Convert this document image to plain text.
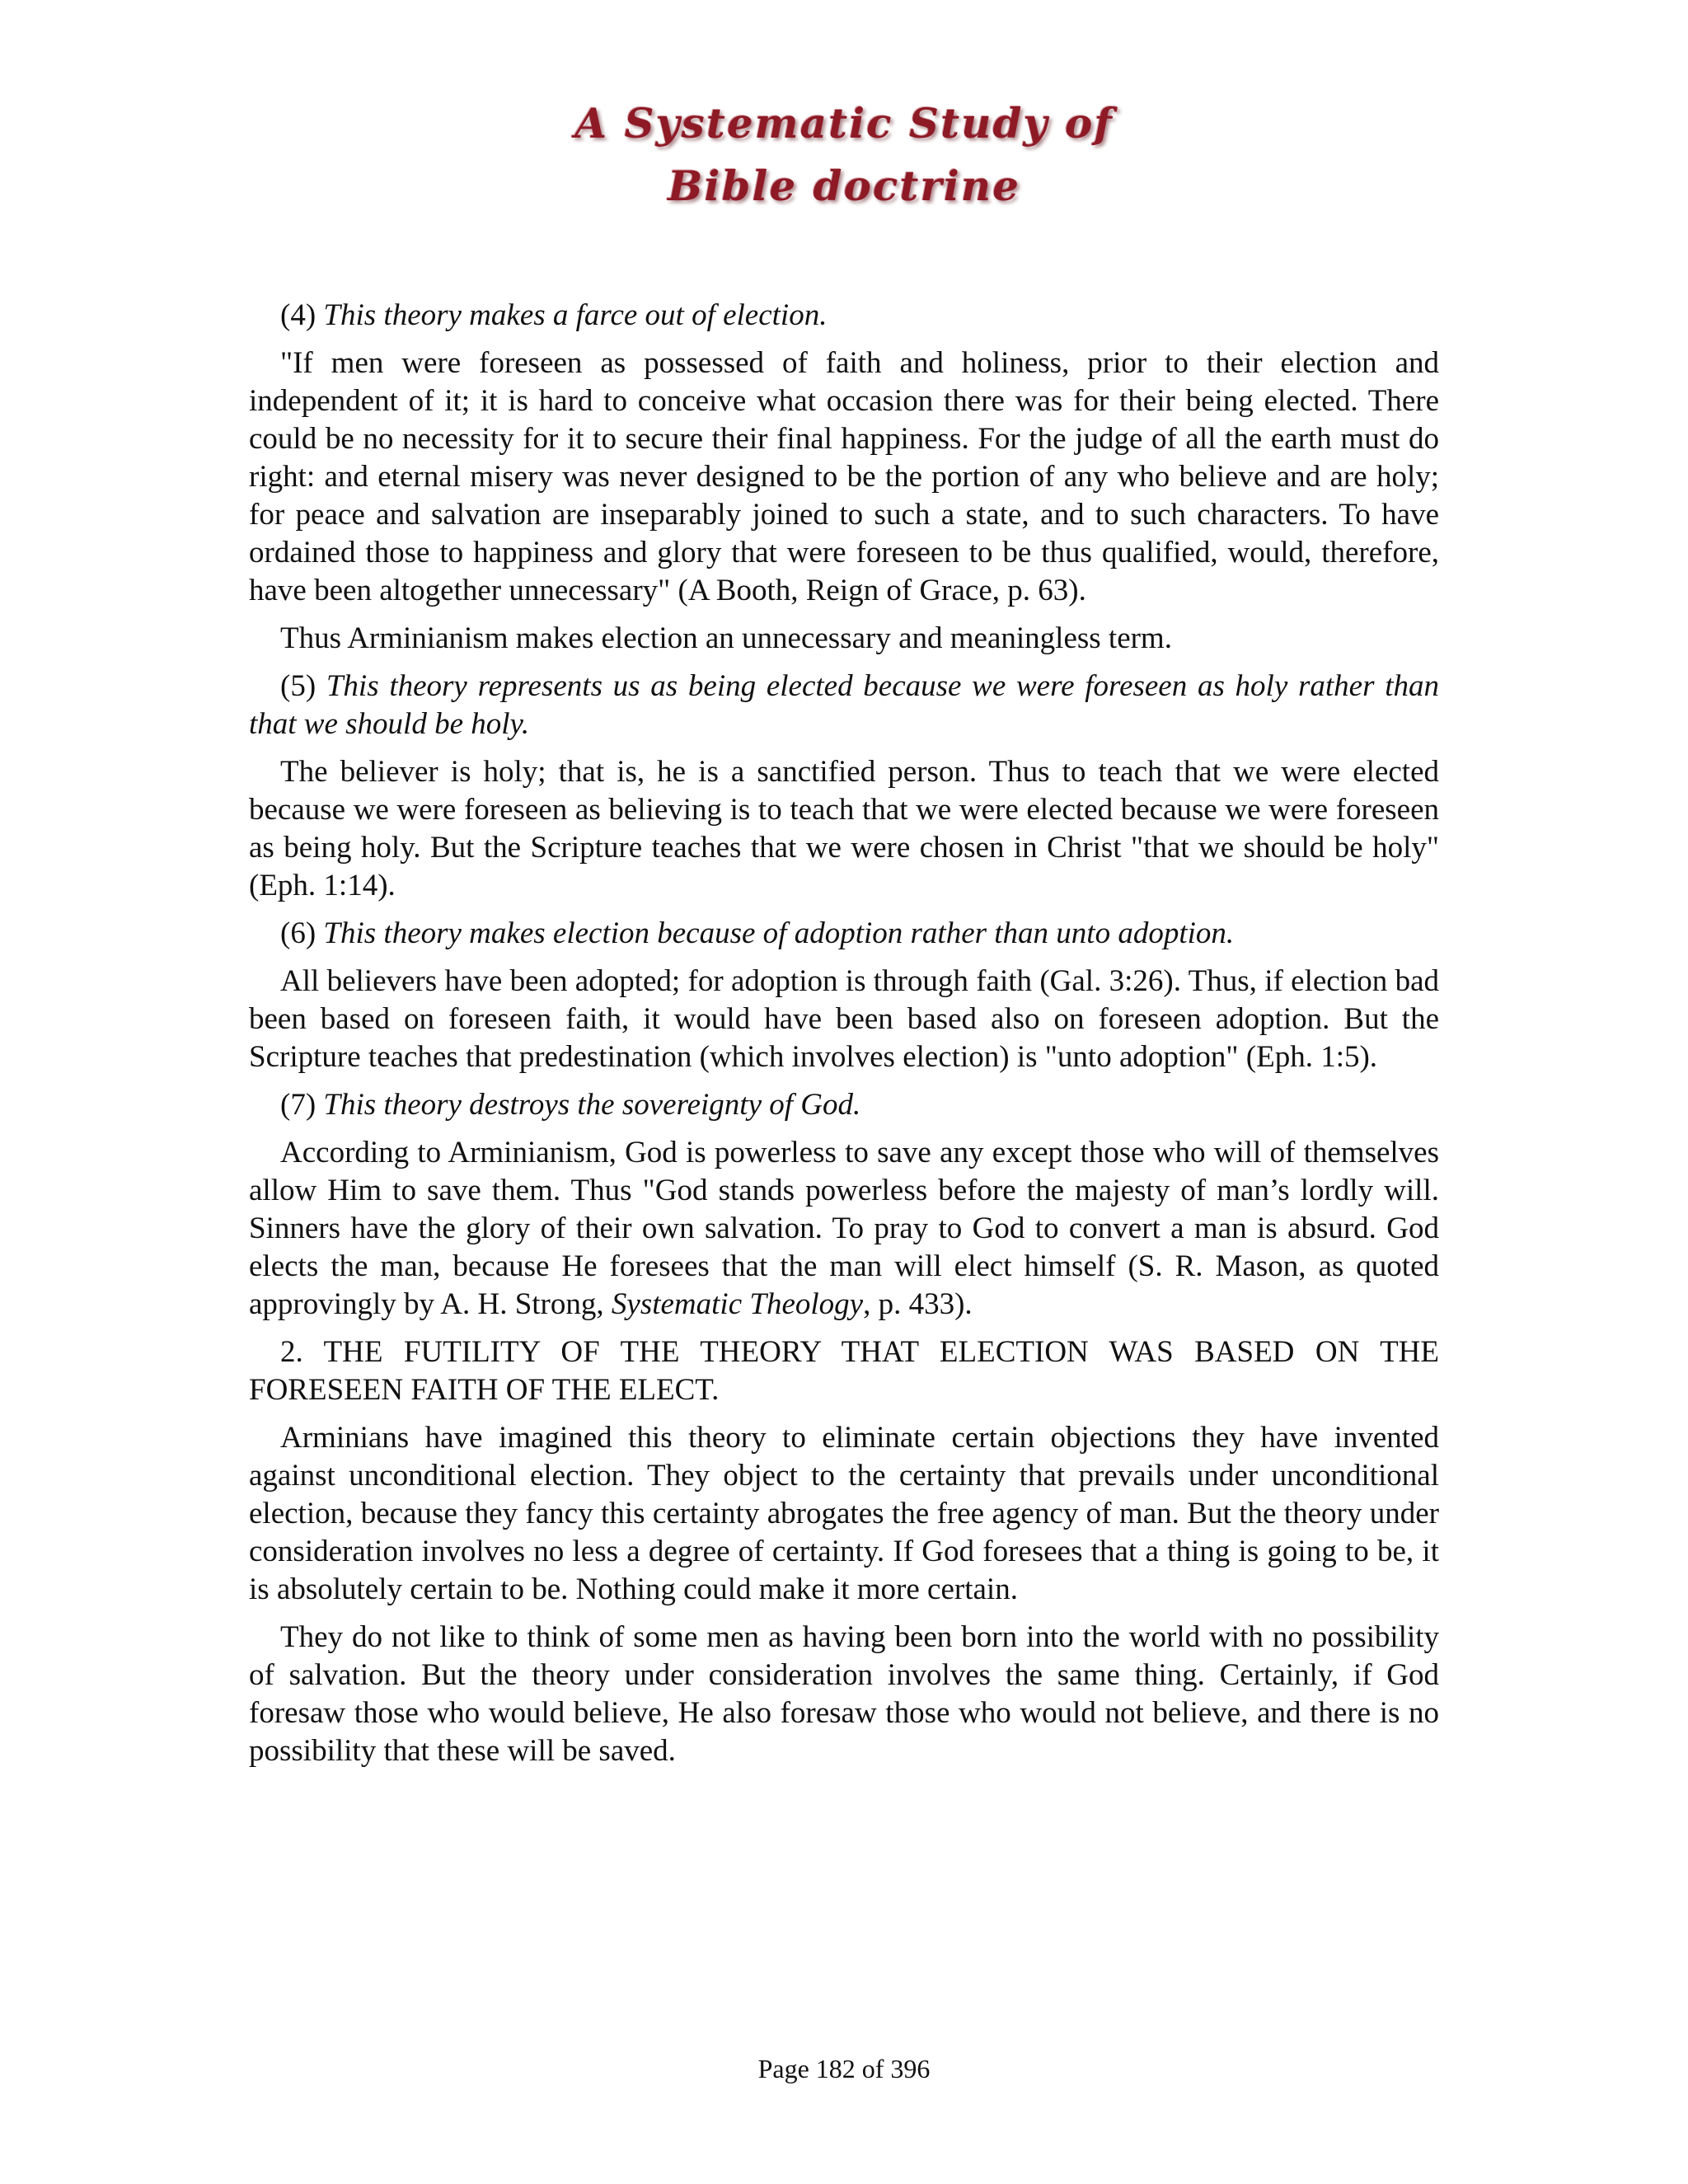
A Systematic Study of
Bible doctrine

(4) This theory makes a farce out of election.

"If men were foreseen as possessed of faith and holiness, prior to their election and independent of it; it is hard to conceive what occasion there was for their being elected. There could be no necessity for it to secure their final happiness. For the judge of all the earth must do right: and eternal misery was never designed to be the portion of any who believe and are holy; for peace and salvation are inseparably joined to such a state, and to such characters. To have ordained those to happiness and glory that were foreseen to be thus qualified, would, therefore, have been altogether unnecessary" (A Booth, Reign of Grace, p. 63).

Thus Arminianism makes election an unnecessary and meaningless term.

(5) This theory represents us as being elected because we were foreseen as holy rather than that we should be holy.

The believer is holy; that is, he is a sanctified person. Thus to teach that we were elected because we were foreseen as believing is to teach that we were elected because we were foreseen as being holy. But the Scripture teaches that we were chosen in Christ "that we should be holy" (Eph. 1:14).

(6) This theory makes election because of adoption rather than unto adoption.

All believers have been adopted; for adoption is through faith (Gal. 3:26). Thus, if election bad been based on foreseen faith, it would have been based also on foreseen adoption. But the Scripture teaches that predestination (which involves election) is "unto adoption" (Eph. 1:5).

(7) This theory destroys the sovereignty of God.

According to Arminianism, God is powerless to save any except those who will of themselves allow Him to save them. Thus "God stands powerless before the majesty of man’s lordly will. Sinners have the glory of their own salvation. To pray to God to convert a man is absurd. God elects the man, because He foresees that the man will elect himself (S. R. Mason, as quoted approvingly by A. H. Strong, Systematic Theology, p. 433).

2. THE FUTILITY OF THE THEORY THAT ELECTION WAS BASED ON THE FORESEEN FAITH OF THE ELECT.

Arminians have imagined this theory to eliminate certain objections they have invented against unconditional election. They object to the certainty that prevails under unconditional election, because they fancy this certainty abrogates the free agency of man. But the theory under consideration involves no less a degree of certainty. If God foresees that a thing is going to be, it is absolutely certain to be. Nothing could make it more certain.

They do not like to think of some men as having been born into the world with no possibility of salvation. But the theory under consideration involves the same thing. Certainly, if God foresaw those who would believe, He also foresaw those who would not believe, and there is no possibility that these will be saved.

Page 182 of 396
